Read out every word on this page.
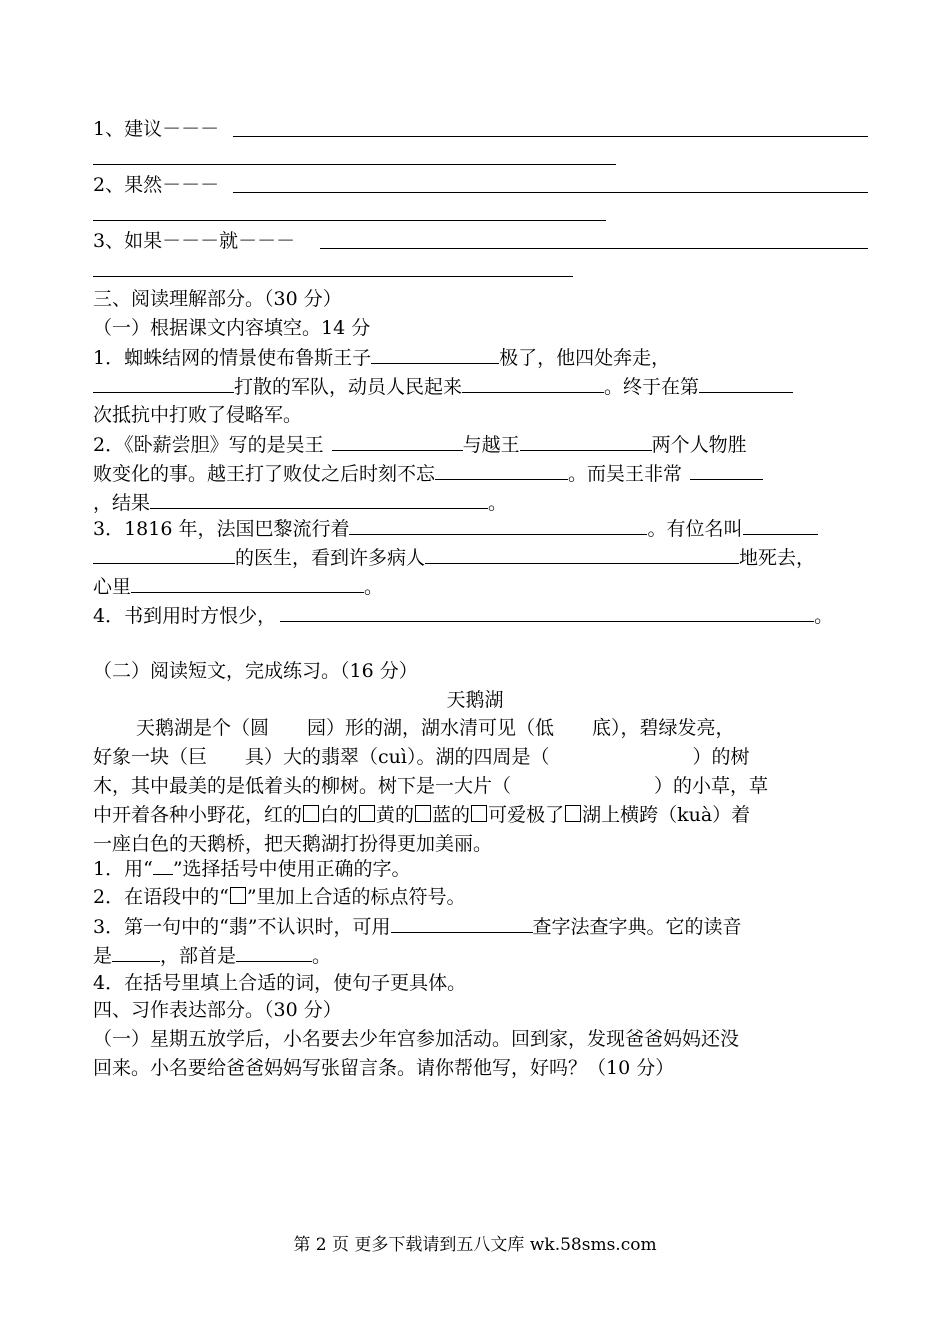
1、建议－－－
2、果然－－－
3、如果－－－就－－－
三、阅读理解部分。（30 分）
（一）根据课文内容填空。14 分
1．蜘蛛结网的情景使布鲁斯王子	极了，他四处奔走，
打散的军队，动员人民起来	。终于在第
次抵抗中打败了侵略军。
2．《卧薪尝胆》写的是吴王	与越王	两个人物胜
败变化的事。越王打了败仗之后时刻不忘	。而吴王非常
，结果	。
3．1816 年，法国巴黎流行着	。有位名叫
的医生，看到许多病人	地死去，
心里	。
4．书到用时方恨少，	。
（二）阅读短文，完成练习。（16 分）
天鹅湖
天鹅湖是个（圆 园）形的湖，湖水清可见（低 底），碧绿发亮，
好象一块（巨 具）大的翡翠（cuì）。湖的四周是（	）的树
木，其中最美的是低着头的柳树。树下是一大片（	）的小草，草
中开着各种小野花，红的 白的 黄的 蓝的 可爱极了 湖上横跨（kuà）着
一座白色的天鹅桥，把天鹅湖打扮得更加美丽。
1．用“ ”选择括号中使用正确的字。
2．在语段中的“ ”里加上合适的标点符号。
3．第一句中的“翡”不认识时，可用	查字法查字典。它的读音
是	，部首是	。
4．在括号里填上合适的词，使句子更具体。
四、习作表达部分。（30 分）
（一）星期五放学后，小名要去少年宫参加活动。回到家，发现爸爸妈妈还没
回来。小名要给爸爸妈妈写张留言条。请你帮他写，好吗？（10 分）
第 2 页 更多下载请到五八文库 wk.58sms.com
